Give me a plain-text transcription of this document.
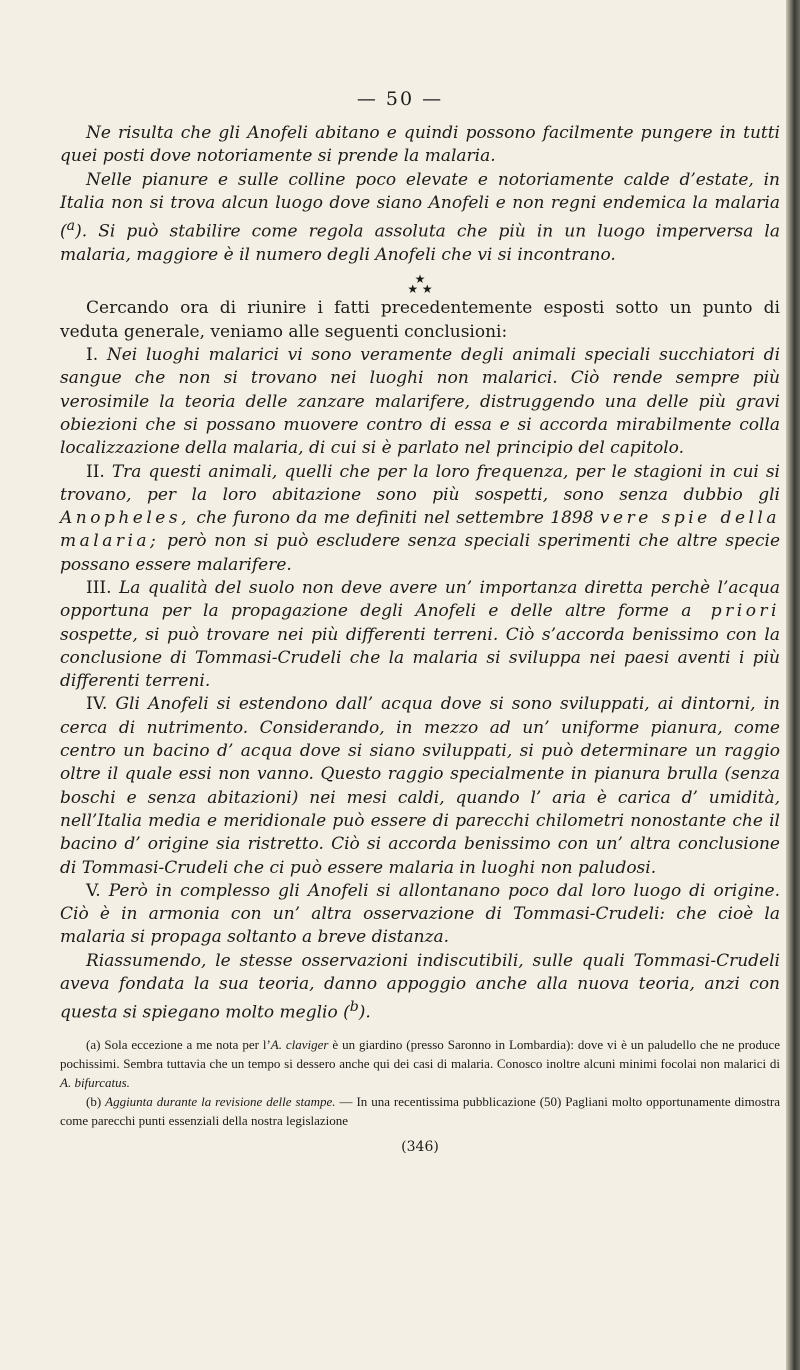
— 50 —

Ne risulta che gli Anofeli abitano e quindi possono facilmente pungere in tutti quei posti dove notoriamente si prende la malaria.

Nelle pianure e sulle colline poco elevate e notoriamente calde d’estate, in Italia non si trova alcun luogo dove siano Anofeli e non regni endemica la malaria ($^a$). Si può stabilire come regola assoluta che più in un luogo imperversa la malaria, maggiore è il numero degli Anofeli che vi si incontrano.

★
★ ★

Cercando ora di riunire i fatti precedentemente esposti sotto un punto di veduta generale, veniamo alle seguenti conclusioni:

I. Nei luoghi malarici vi sono veramente degli animali speciali succhiatori di sangue che non si trovano nei luoghi non malarici. Ciò rende sempre più verosimile la teoria delle zanzare malarifere, distruggendo una delle più gravi obiezioni che si possano muovere contro di essa e si accorda mirabilmente colla localizzazione della malaria, di cui si è parlato nel principio del capitolo.

II. Tra questi animali, quelli che per la loro frequenza, per le stagioni in cui si trovano, per la loro abitazione sono più sospetti, sono senza dubbio gli Anopheles, che furono da me definiti nel settembre 1898 vere spie della malaria; però non si può escludere senza speciali sperimenti che altre specie possano essere malarifere.

III. La qualità del suolo non deve avere un’ importanza diretta perchè l’acqua opportuna per la propagazione degli Anofeli e delle altre forme a priori sospette, si può trovare nei più differenti terreni. Ciò s’accorda benissimo con la conclusione di Tommasi-Crudeli che la malaria si sviluppa nei paesi aventi i più differenti terreni.

IV. Gli Anofeli si estendono dall’ acqua dove si sono sviluppati, ai dintorni, in cerca di nutrimento. Considerando, in mezzo ad un’ uniforme pianura, come centro un bacino d’ acqua dove si siano sviluppati, si può determinare un raggio oltre il quale essi non vanno. Questo raggio specialmente in pianura brulla (senza boschi e senza abitazioni) nei mesi caldi, quando l’ aria è carica d’ umidità, nell’Italia media e meridionale può essere di parecchi chilometri nonostante che il bacino d’ origine sia ristretto. Ciò si accorda benissimo con un’ altra conclusione di Tommasi-Crudeli che ci può essere malaria in luoghi non paludosi.

V. Però in complesso gli Anofeli si allontanano poco dal loro luogo di origine. Ciò è in armonia con un’ altra osservazione di Tommasi-Crudeli: che cioè la malaria si propaga soltanto a breve distanza.

Riassumendo, le stesse osservazioni indiscutibili, sulle quali Tommasi-Crudeli aveva fondata la sua teoria, danno appoggio anche alla nuova teoria, anzi con questa si spiegano molto meglio ($^b$).

(a) Sola eccezione a me nota per l’A. claviger è un giardino (presso Saronno in Lombardia): dove vi è un paludello che ne produce pochissimi. Sembra tuttavia che un tempo si dessero anche qui dei casi di malaria. Conosco inoltre alcuni minimi focolai non malarici di A. bifurcatus.

(b) Aggiunta durante la revisione delle stampe. — In una recentissima pubblicazione (50) Pagliani molto opportunamente dimostra come parecchi punti essenziali della nostra legislazione

(346)
